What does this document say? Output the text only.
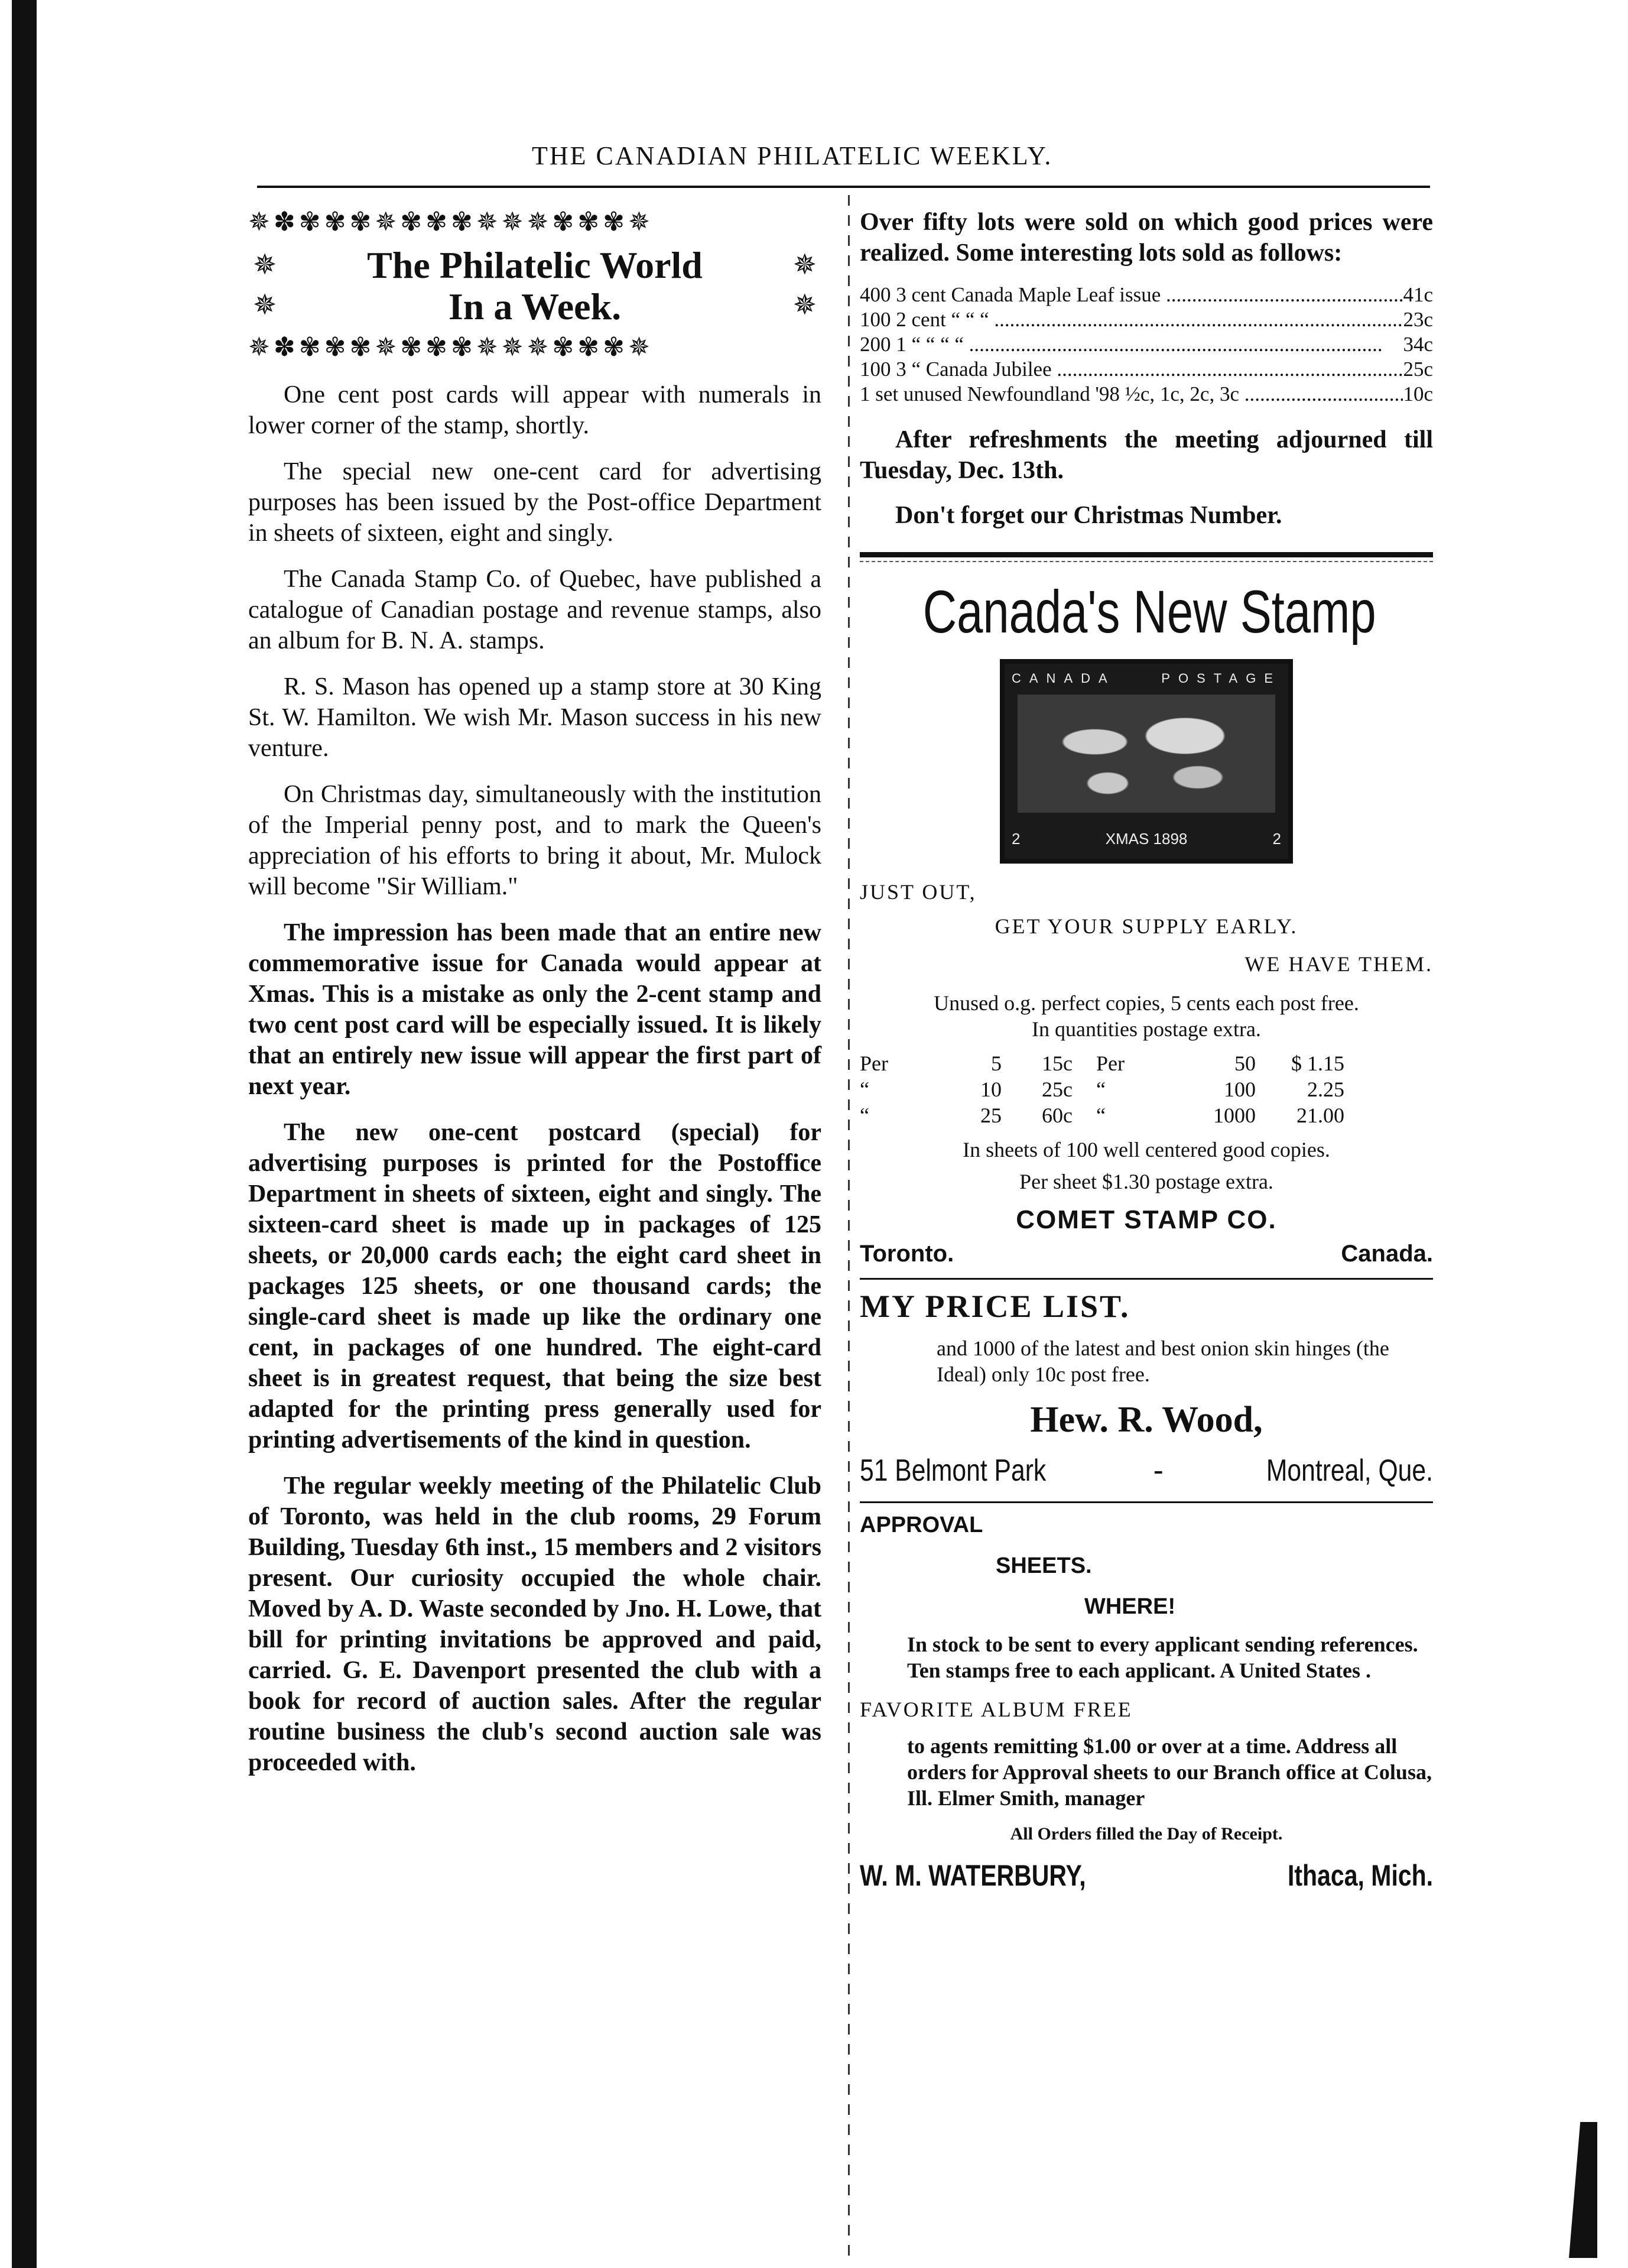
THE CANADIAN PHILATELIC WEEKLY.
✵✽✾✾✾✵✾✾✾✵✵✵✾✾✾✵
✵	✵
✵	✵
The Philatelic World
In a Week.
✵✽✾✾✾✵✾✾✾✵✵✵✾✾✾✵

One cent post cards will appear with numerals in lower corner of the stamp, shortly.

The special new one-cent card for advertising purposes has been issued by the Post-office Department in sheets of sixteen, eight and singly.

The Canada Stamp Co. of Quebec, have published a catalogue of Canadian postage and revenue stamps, also an album for B. N. A. stamps.

R. S. Mason has opened up a stamp store at 30 King St. W. Hamilton. We wish Mr. Mason success in his new venture.

On Christmas day, simultaneously with the institution of the Imperial penny post, and to mark the Queen's appreciation of his efforts to bring it about, Mr. Mulock will become "Sir William."

The impression has been made that an entire new commemorative issue for Canada would appear at Xmas. This is a mistake as only the 2-cent stamp and two cent post card will be especially issued. It is likely that an entirely new issue will appear the first part of next year.

The new one-cent postcard (special) for advertising purposes is printed for the Postoffice Department in sheets of sixteen, eight and singly. The sixteen-card sheet is made up in packages of 125 sheets, or 20,000 cards each; the eight card sheet in packages 125 sheets, or one thousand cards; the single-card sheet is made up like the ordinary one cent, in packages of one hundred. The eight-card sheet is in greatest request, that being the size best adapted for the printing press generally used for printing advertisements of the kind in question.

The regular weekly meeting of the Philatelic Club of Toronto, was held in the club rooms, 29 Forum Building, Tuesday 6th inst., 15 members and 2 visitors present. Our curiosity occupied the whole chair. Moved by A. D. Waste seconded by Jno. H. Lowe, that bill for printing invitations be approved and paid, carried. G. E. Davenport presented the club with a book for record of auction sales. After the regular routine business the club's second auction sale was proceeded with.

Over fifty lots were sold on which good prices were realized. Some interesting lots sold as follows:

400 3 cent Canada Maple Leaf issue .....	41c
100 2 cent “ “ “ .....	23c
200 1 “ “ “ “ .....	34c
100 3 “ Canada Jubilee .....	25c
1 set unused Newfoundland '98 ½c, 1c, 2c, 3c .....	10c

After refreshments the meeting adjourned till Tuesday, Dec. 13th.

Don't forget our Christmas Number.

Canada's New Stamp
CANADA	POSTAGE
2	XMAS 1898	2
JUST OUT,
GET YOUR SUPPLY EARLY.
WE HAVE THEM.
Unused o.g. perfect copies, 5 cents each post free.
In quantities postage extra.
Per	5	15c	Per	50	$ 1.15
“	10	25c	“	100	2.25
“	25	60c	“	1000	21.00
In sheets of 100 well centered good copies.
Per sheet $1.30 postage extra.
COMET STAMP CO.
Toronto.	Canada.
MY PRICE LIST.
and 1000 of the latest and best onion skin hinges (the Ideal) only 10c post free.
Hew. R. Wood,
51 Belmont Park	-	Montreal, Que.
APPROVAL
SHEETS.
WHERE!
In stock to be sent to every applicant sending references. Ten stamps free to each applicant. A United States .
FAVORITE ALBUM FREE
to agents remitting $1.00 or over at a time. Address all orders for Approval sheets to our Branch office at Colusa, Ill. Elmer Smith, manager
All Orders filled the Day of Receipt.
W. M. WATERBURY,	Ithaca, Mich.
